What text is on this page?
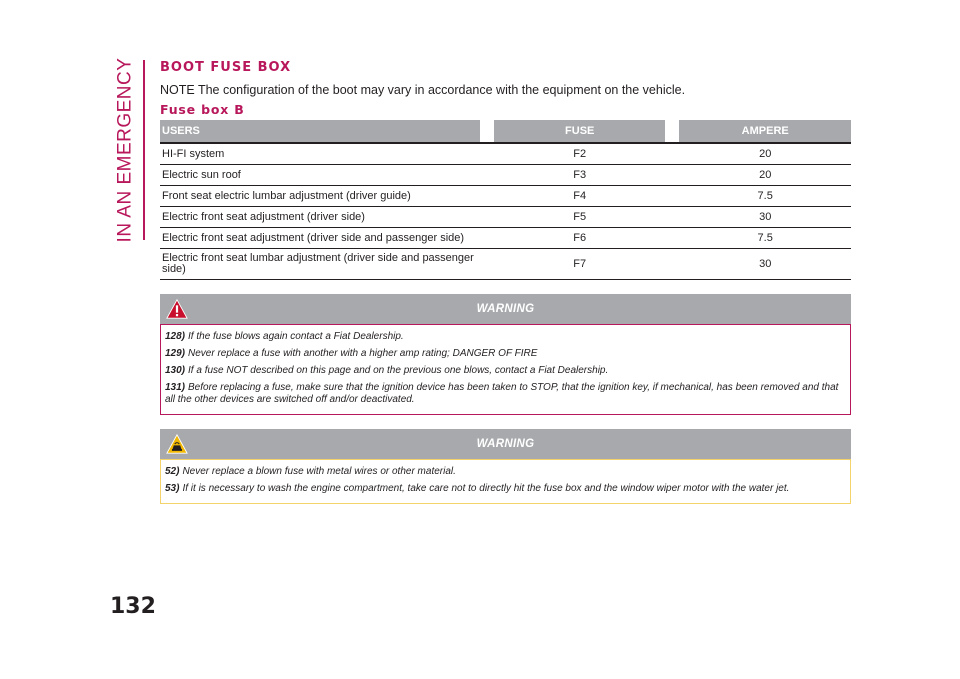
IN AN EMERGENCY BOOT FUSE BOX
NOTE The configuration of the boot may vary in accordance with the equipment on the vehicle.
Fuse box B
USERS		FUSE		AMPERE
HI-FI system		F2		20
Electric sun roof		F3		20
Front seat electric lumbar adjustment (driver guide)		F4		7.5
Electric front seat adjustment (driver side)		F5		30
Electric front seat adjustment (driver side and passenger side)		F6		7.5
Electric front seat lumbar adjustment (driver side and passenger side)		F7		30
WARNING
128) If the fuse blows again contact a Fiat Dealership.
129) Never replace a fuse with another with a higher amp rating; DANGER OF FIRE
130) If a fuse NOT described on this page and on the previous one blows, contact a Fiat Dealership.
131) Before replacing a fuse, make sure that the ignition device has been taken to STOP, that the ignition key, if mechanical, has been removed and that all the other devices are switched off and/or deactivated.
WARNING
52) Never replace a blown fuse with metal wires or other material.
53) If it is necessary to wash the engine compartment, take care not to directly hit the fuse box and the window wiper motor with the water jet.
132
